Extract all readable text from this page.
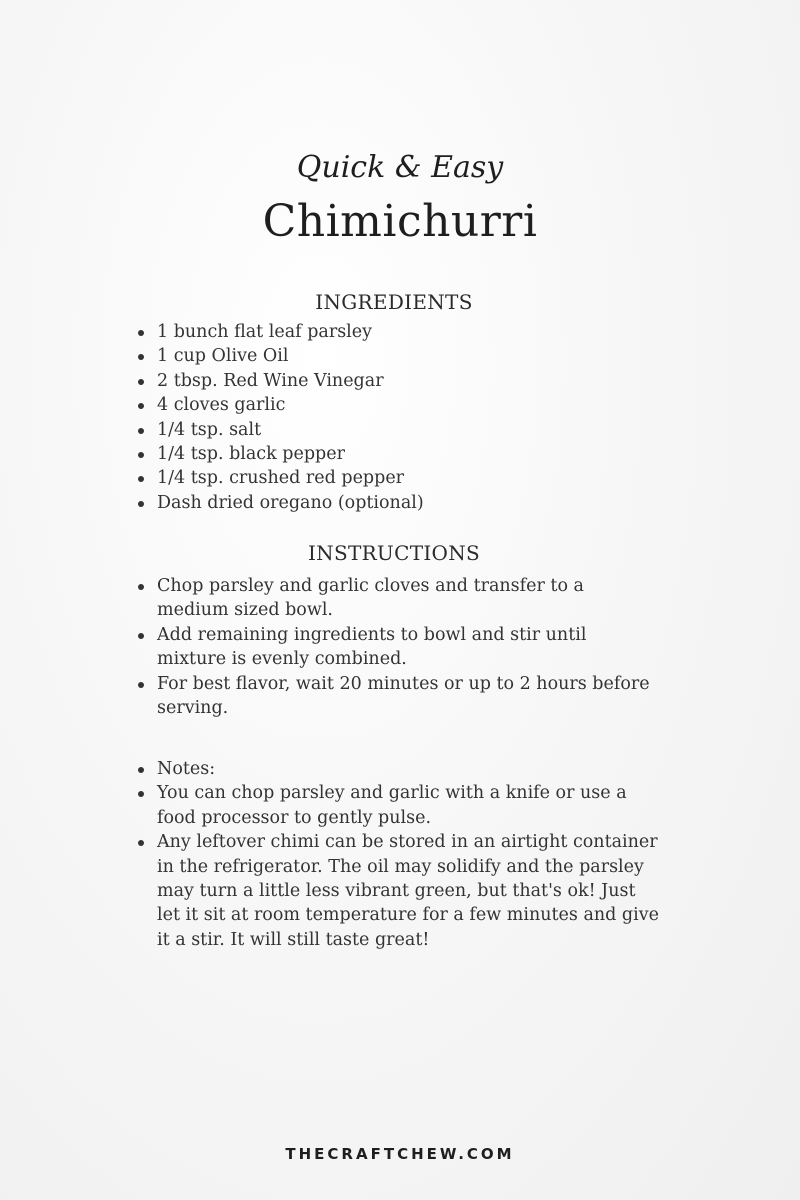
Quick & Easy
Chimichurri
INGREDIENTS
1 bunch flat leaf parsley
1 cup Olive Oil
2 tbsp. Red Wine Vinegar
4 cloves garlic
1/4 tsp. salt
1/4 tsp. black pepper
1/4 tsp. crushed red pepper
Dash dried oregano (optional)
INSTRUCTIONS
Chop parsley and garlic cloves and transfer to a medium sized bowl.
Add remaining ingredients to bowl and stir until mixture is evenly combined.
For best flavor, wait 20 minutes or up to 2 hours before serving.
Notes:
You can chop parsley and garlic with a knife or use a food processor to gently pulse.
Any leftover chimi can be stored in an airtight container in the refrigerator. The oil may solidify and the parsley may turn a little less vibrant green, but that's ok! Just let it sit at room temperature for a few minutes and give it a stir. It will still taste great!
THECRAFTCHEW.COM
